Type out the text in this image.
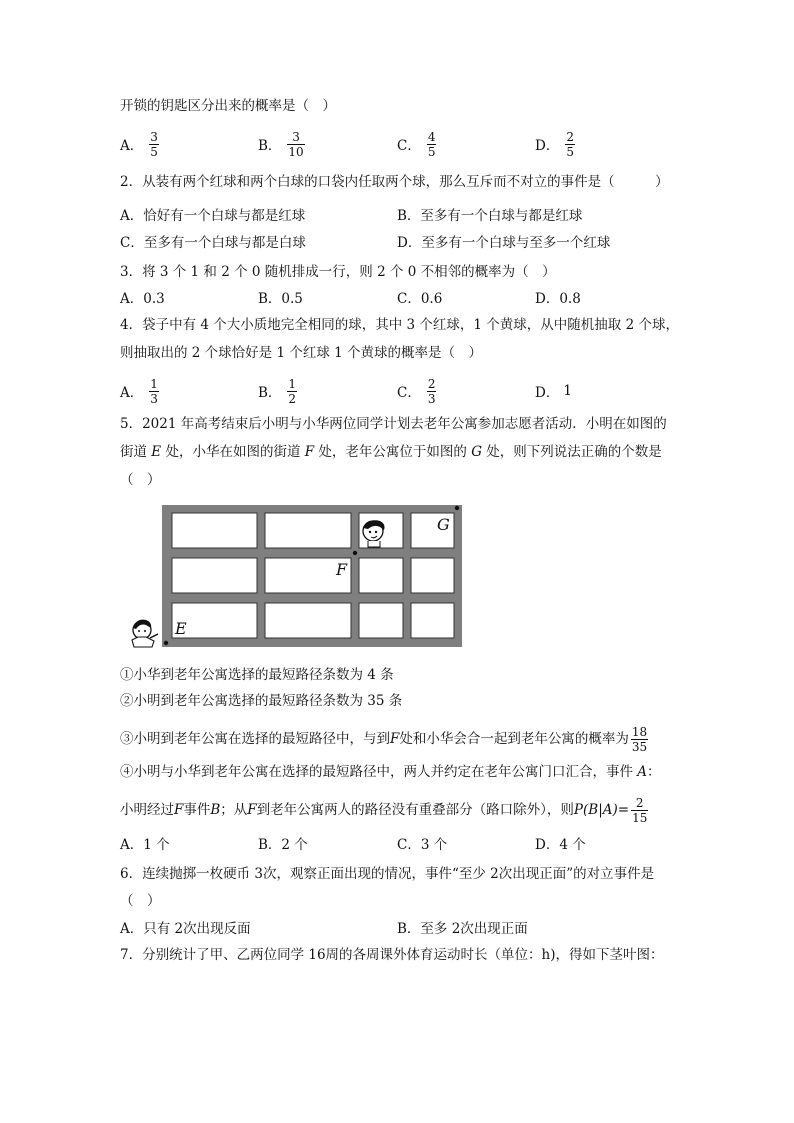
开锁的钥匙区分出来的概率是（　）
A． $\frac{3}{5}$	B． $\frac{3}{10}$	C． $\frac{4}{5}$	D． $\frac{2}{5}$
2．从装有两个红球和两个白球的口袋内任取两个球，那么互斥而不对立的事件是（　　　）
A．恰好有一个白球与都是红球	B．至多有一个白球与都是红球
C．至多有一个白球与都是白球	D．至多有一个白球与至多一个红球
3．将 3 个 1 和 2 个 0 随机排成一行，则 2 个 0 不相邻的概率为（　）
A．0.3	B．0.5	C．0.6	D．0.8
4．袋子中有 4 个大小质地完全相同的球，其中 3 个红球，1 个黄球，从中随机抽取 2 个球，
则抽取出的 2 个球恰好是 1 个红球 1 个黄球的概率是（　）
A． $\frac{1}{3}$	B． $\frac{1}{2}$	C． $\frac{2}{3}$	D． 1
5．2021 年高考结束后小明与小华两位同学计划去老年公寓参加志愿者活动．小明在如图的
街道 E 处，小华在如图的街道 F 处，老年公寓位于如图的 G 处，则下列说法正确的个数是
（　）
G
F
E
①小华到老年公寓选择的最短路径条数为 4 条
②小明到老年公寓选择的最短路径条数为 35 条
③小明到老年公寓在选择的最短路径中，与到 F 处和小华会合一起到老年公寓的概率为 $\frac{18}{35}$
④小明与小华到老年公寓在选择的最短路径中，两人并约定在老年公寓门口汇合，事件 A：
小明经过 F 事件 B ；从 F 到老年公寓两人的路径没有重叠部分（路口除外），则 $P(B|A)= \frac{2}{15}$
A．1 个	B．2 个	C．3 个	D．4 个
6．连续抛掷一枚硬币 3次，观察正面出现的情况，事件“至少 2次出现正面”的对立事件是
（　）
A．只有 2次出现反面	B．至多 2次出现正面
7．分别统计了甲、乙两位同学 16周的各周课外体育运动时长（单位：h)，得如下茎叶图：
